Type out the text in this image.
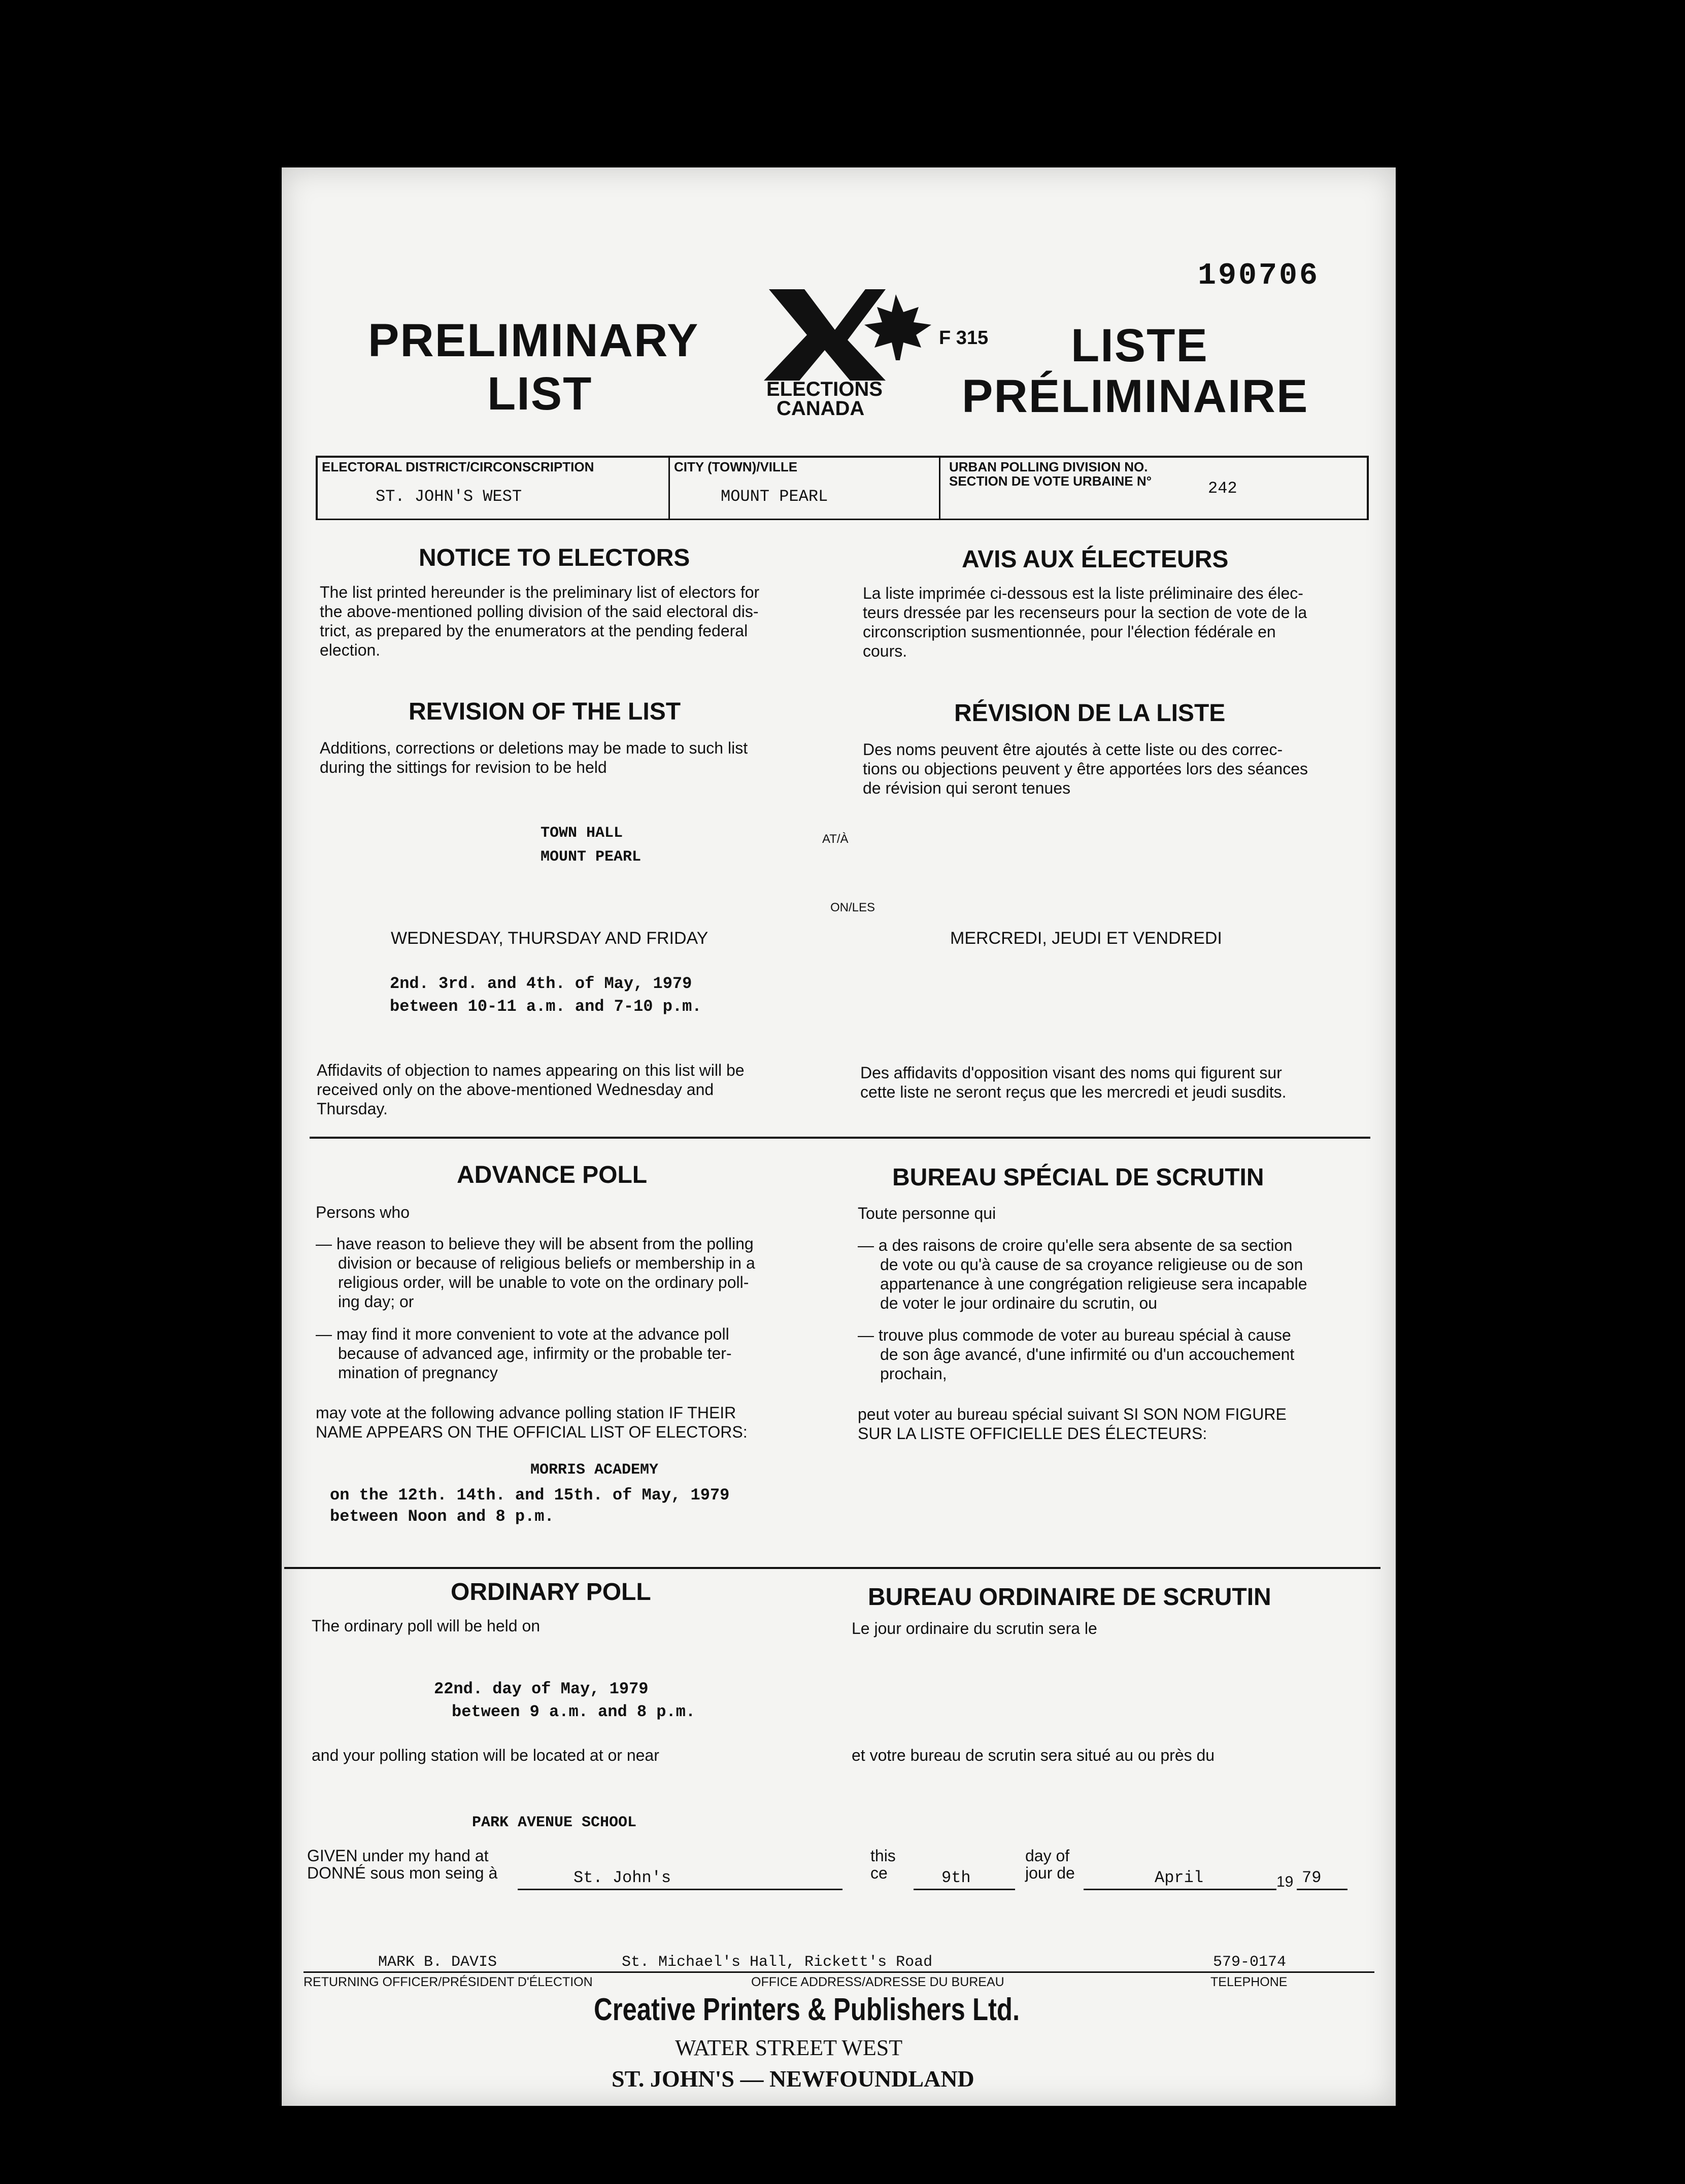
190706
PRELIMINARY
LIST	ELECTIONS
CANADA
F 315 LISTE
PRÉLIMINAIRE
ELECTORAL DISTRICT/CIRCONSCRIPTION
ST. JOHN'S WEST
CITY (TOWN)/VILLE
MOUNT PEARL
URBAN POLLING DIVISION NO.
SECTION DE VOTE URBAINE N°	242
NOTICE TO ELECTORS	AVIS AUX ÉLECTEURS
The list printed hereunder is the preliminary list of electors for
the above-mentioned polling division of the said electoral dis-
trict, as prepared by the enumerators at the pending federal
election.
La liste imprimée ci-dessous est la liste préliminaire des élec-
teurs dressée par les recenseurs pour la section de vote de la
circonscription susmentionnée, pour l'élection fédérale en
cours.
REVISION OF THE LIST	RÉVISION DE LA LISTE
Additions, corrections or deletions may be made to such list
during the sittings for revision to be held
Des noms peuvent être ajoutés à cette liste ou des correc-
tions ou objections peuvent y être apportées lors des séances
de révision qui seront tenues
TOWN HALL
MOUNT PEARL
AT/À
ON/LES
WEDNESDAY, THURSDAY AND FRIDAY	MERCREDI, JEUDI ET VENDREDI
2nd. 3rd. and 4th. of May, 1979
between 10-11 a.m. and 7-10 p.m.
Affidavits of objection to names appearing on this list will be
received only on the above-mentioned Wednesday and
Thursday.
Des affidavits d'opposition visant des noms qui figurent sur
cette liste ne seront reçus que les mercredi et jeudi susdits.
ADVANCE POLL	BUREAU SPÉCIAL DE SCRUTIN
Persons who	Toute personne qui
— have reason to believe they will be absent from the polling
division or because of religious beliefs or membership in a
religious order, will be unable to vote on the ordinary poll-
ing day; or
— may find it more convenient to vote at the advance poll
because of advanced age, infirmity or the probable ter-
mination of pregnancy
— a des raisons de croire qu'elle sera absente de sa section
de vote ou qu'à cause de sa croyance religieuse ou de son
appartenance à une congrégation religieuse sera incapable
de voter le jour ordinaire du scrutin, ou
— trouve plus commode de voter au bureau spécial à cause
de son âge avancé, d'une infirmité ou d'un accouchement
prochain,
may vote at the following advance polling station IF THEIR
NAME APPEARS ON THE OFFICIAL LIST OF ELECTORS:
peut voter au bureau spécial suivant SI SON NOM FIGURE
SUR LA LISTE OFFICIELLE DES ÉLECTEURS:
MORRIS ACADEMY
on the 12th. 14th. and 15th. of May, 1979
between Noon and 8 p.m.
ORDINARY POLL	BUREAU ORDINAIRE DE SCRUTIN
The ordinary poll will be held on	Le jour ordinaire du scrutin sera le
22nd. day of May, 1979
between 9 a.m. and 8 p.m.
and your polling station will be located at or near	et votre bureau de scrutin sera situé au ou près du
PARK AVENUE SCHOOL
GIVEN under my hand at
DONNÉ sous mon seing à	St. John's
this
ce	9th
day of
jour de	April	19 79
MARK B. DAVIS	St. Michael's Hall, Rickett's Road	579-0174
RETURNING OFFICER/PRÉSIDENT D'ÉLECTION	OFFICE ADDRESS/ADRESSE DU BUREAU	TELEPHONE
Creative Printers & Publishers Ltd.
WATER STREET WEST
ST. JOHN'S — NEWFOUNDLAND
